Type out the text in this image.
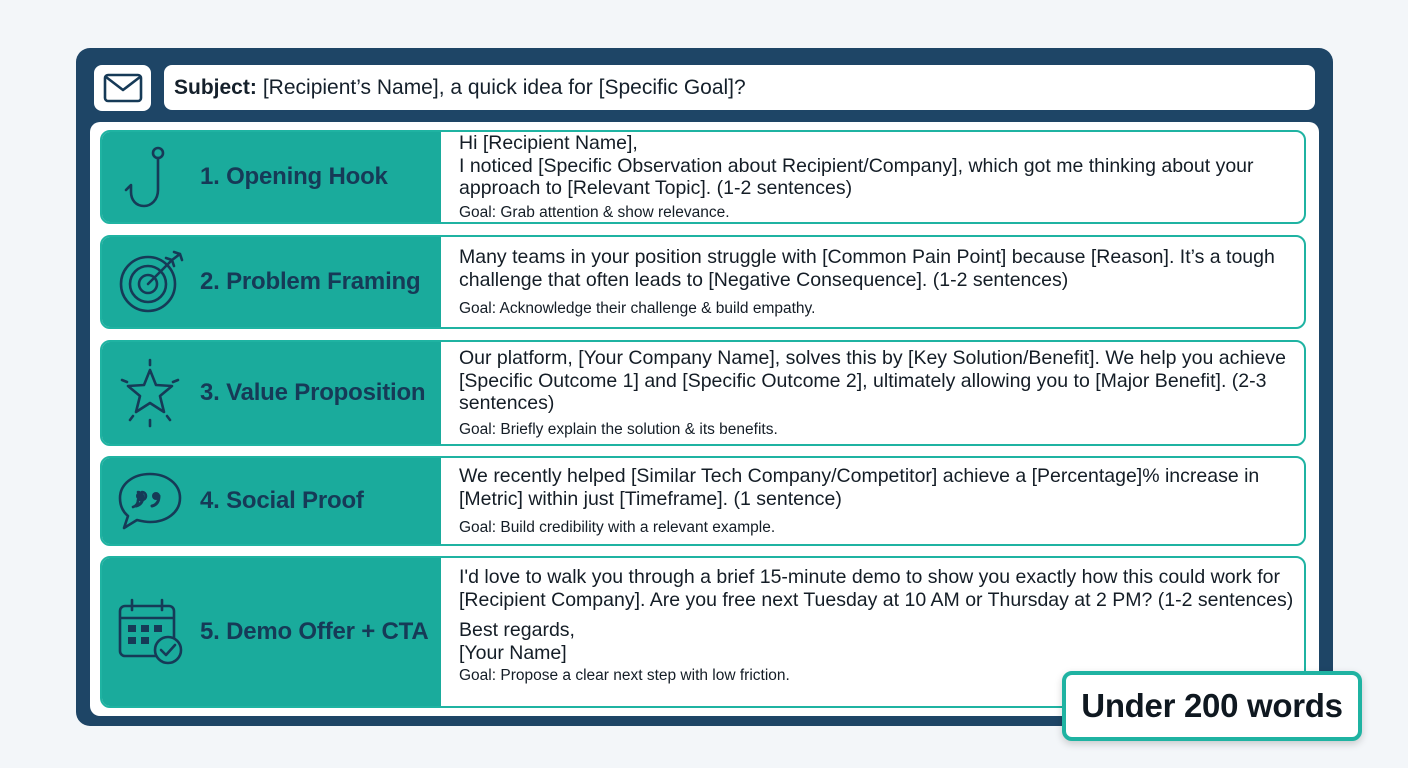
Subject: [Recipient’s Name], a quick idea for [Specific Goal]?
1. Opening Hook
Hi [Recipient Name],
I noticed [Specific Observation about Recipient/Company], which got me thinking about your approach to [Relevant Topic]. (1-2 sentences)
Goal: Grab attention & show relevance.
2. Problem Framing
Many teams in your position struggle with [Common Pain Point] because [Reason]. It’s a tough challenge that often leads to [Negative Consequence]. (1-2 sentences)
Goal: Acknowledge their challenge & build empathy.
3. Value Proposition
Our platform, [Your Company Name], solves this by [Key Solution/Benefit]. We help you achieve [Specific Outcome 1] and [Specific Outcome 2], ultimately allowing you to [Major Benefit]. (2-3 sentences)
Goal: Briefly explain the solution & its benefits.
4. Social Proof
We recently helped [Similar Tech Company/Competitor] achieve a [Percentage]% increase in [Metric] within just [Timeframe]. (1 sentence)
Goal: Build credibility with a relevant example.
5. Demo Offer + CTA
I'd love to walk you through a brief 15-minute demo to show you exactly how this could work for [Recipient Company]. Are you free next Tuesday at 10 AM or Thursday at 2 PM? (1-2 sentences)
Best regards,
[Your Name]
Goal: Propose a clear next step with low friction.
Under 200 words
